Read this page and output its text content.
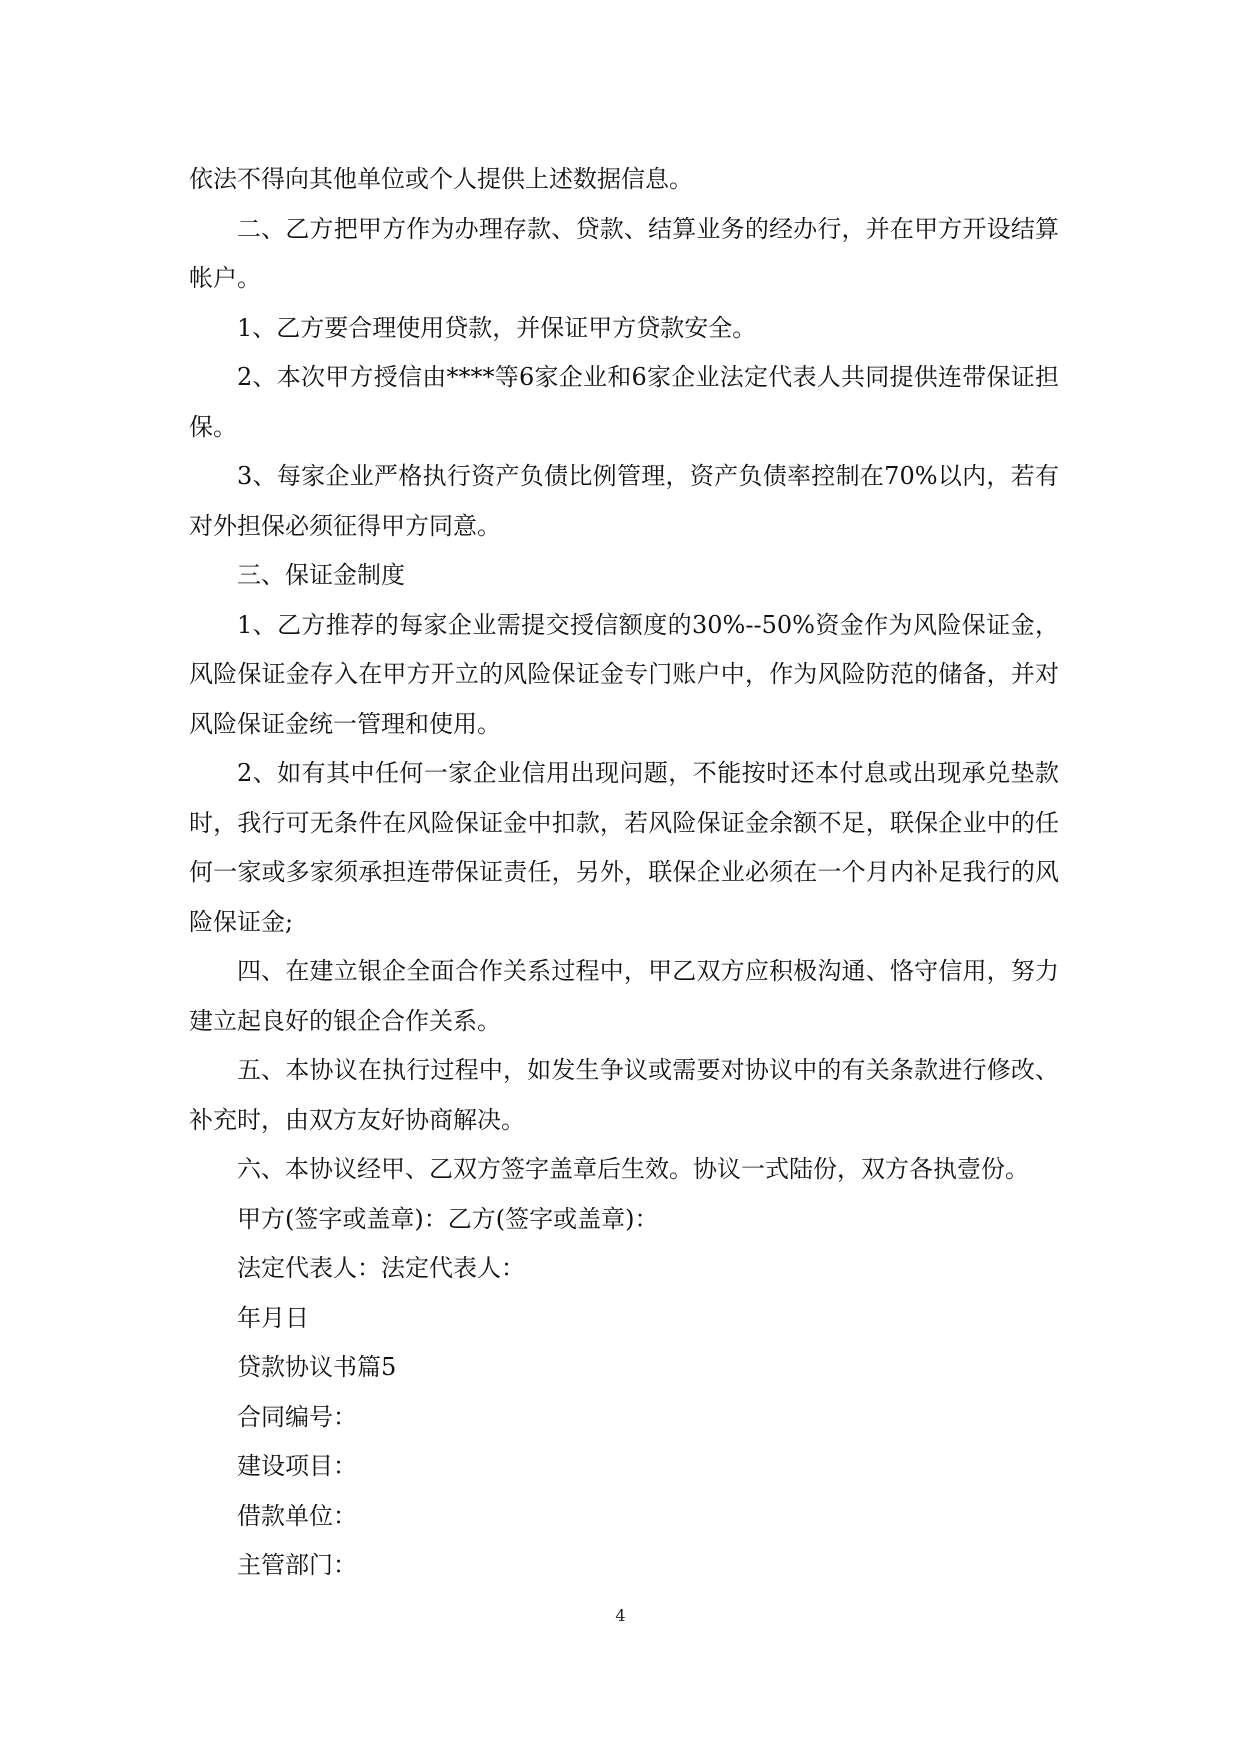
依法不得向其他单位或个人提供上述数据信息。

二、乙方把甲方作为办理存款、贷款、结算业务的经办行，并在甲方开设结算帐户。

1、乙方要合理使用贷款，并保证甲方贷款安全。

2、本次甲方授信由****等6家企业和6家企业法定代表人共同提供连带保证担保。

3、每家企业严格执行资产负债比例管理，资产负债率控制在70%以内，若有对外担保必须征得甲方同意。

三、保证金制度

1、乙方推荐的每家企业需提交授信额度的30%--50%资金作为风险保证金，风险保证金存入在甲方开立的风险保证金专门账户中，作为风险防范的储备，并对风险保证金统一管理和使用。

2、如有其中任何一家企业信用出现问题，不能按时还本付息或出现承兑垫款时，我行可无条件在风险保证金中扣款，若风险保证金余额不足，联保企业中的任何一家或多家须承担连带保证责任，另外，联保企业必须在一个月内补足我行的风险保证金;

四、在建立银企全面合作关系过程中，甲乙双方应积极沟通、恪守信用，努力建立起良好的银企合作关系。

五、本协议在执行过程中，如发生争议或需要对协议中的有关条款进行修改、补充时，由双方友好协商解决。

六、本协议经甲、乙双方签字盖章后生效。协议一式陆份，双方各执壹份。

甲方(签字或盖章)：乙方(签字或盖章)：

法定代表人：法定代表人：

年月日

贷款协议书篇5

合同编号：

建设项目：

借款单位：

主管部门：

4
